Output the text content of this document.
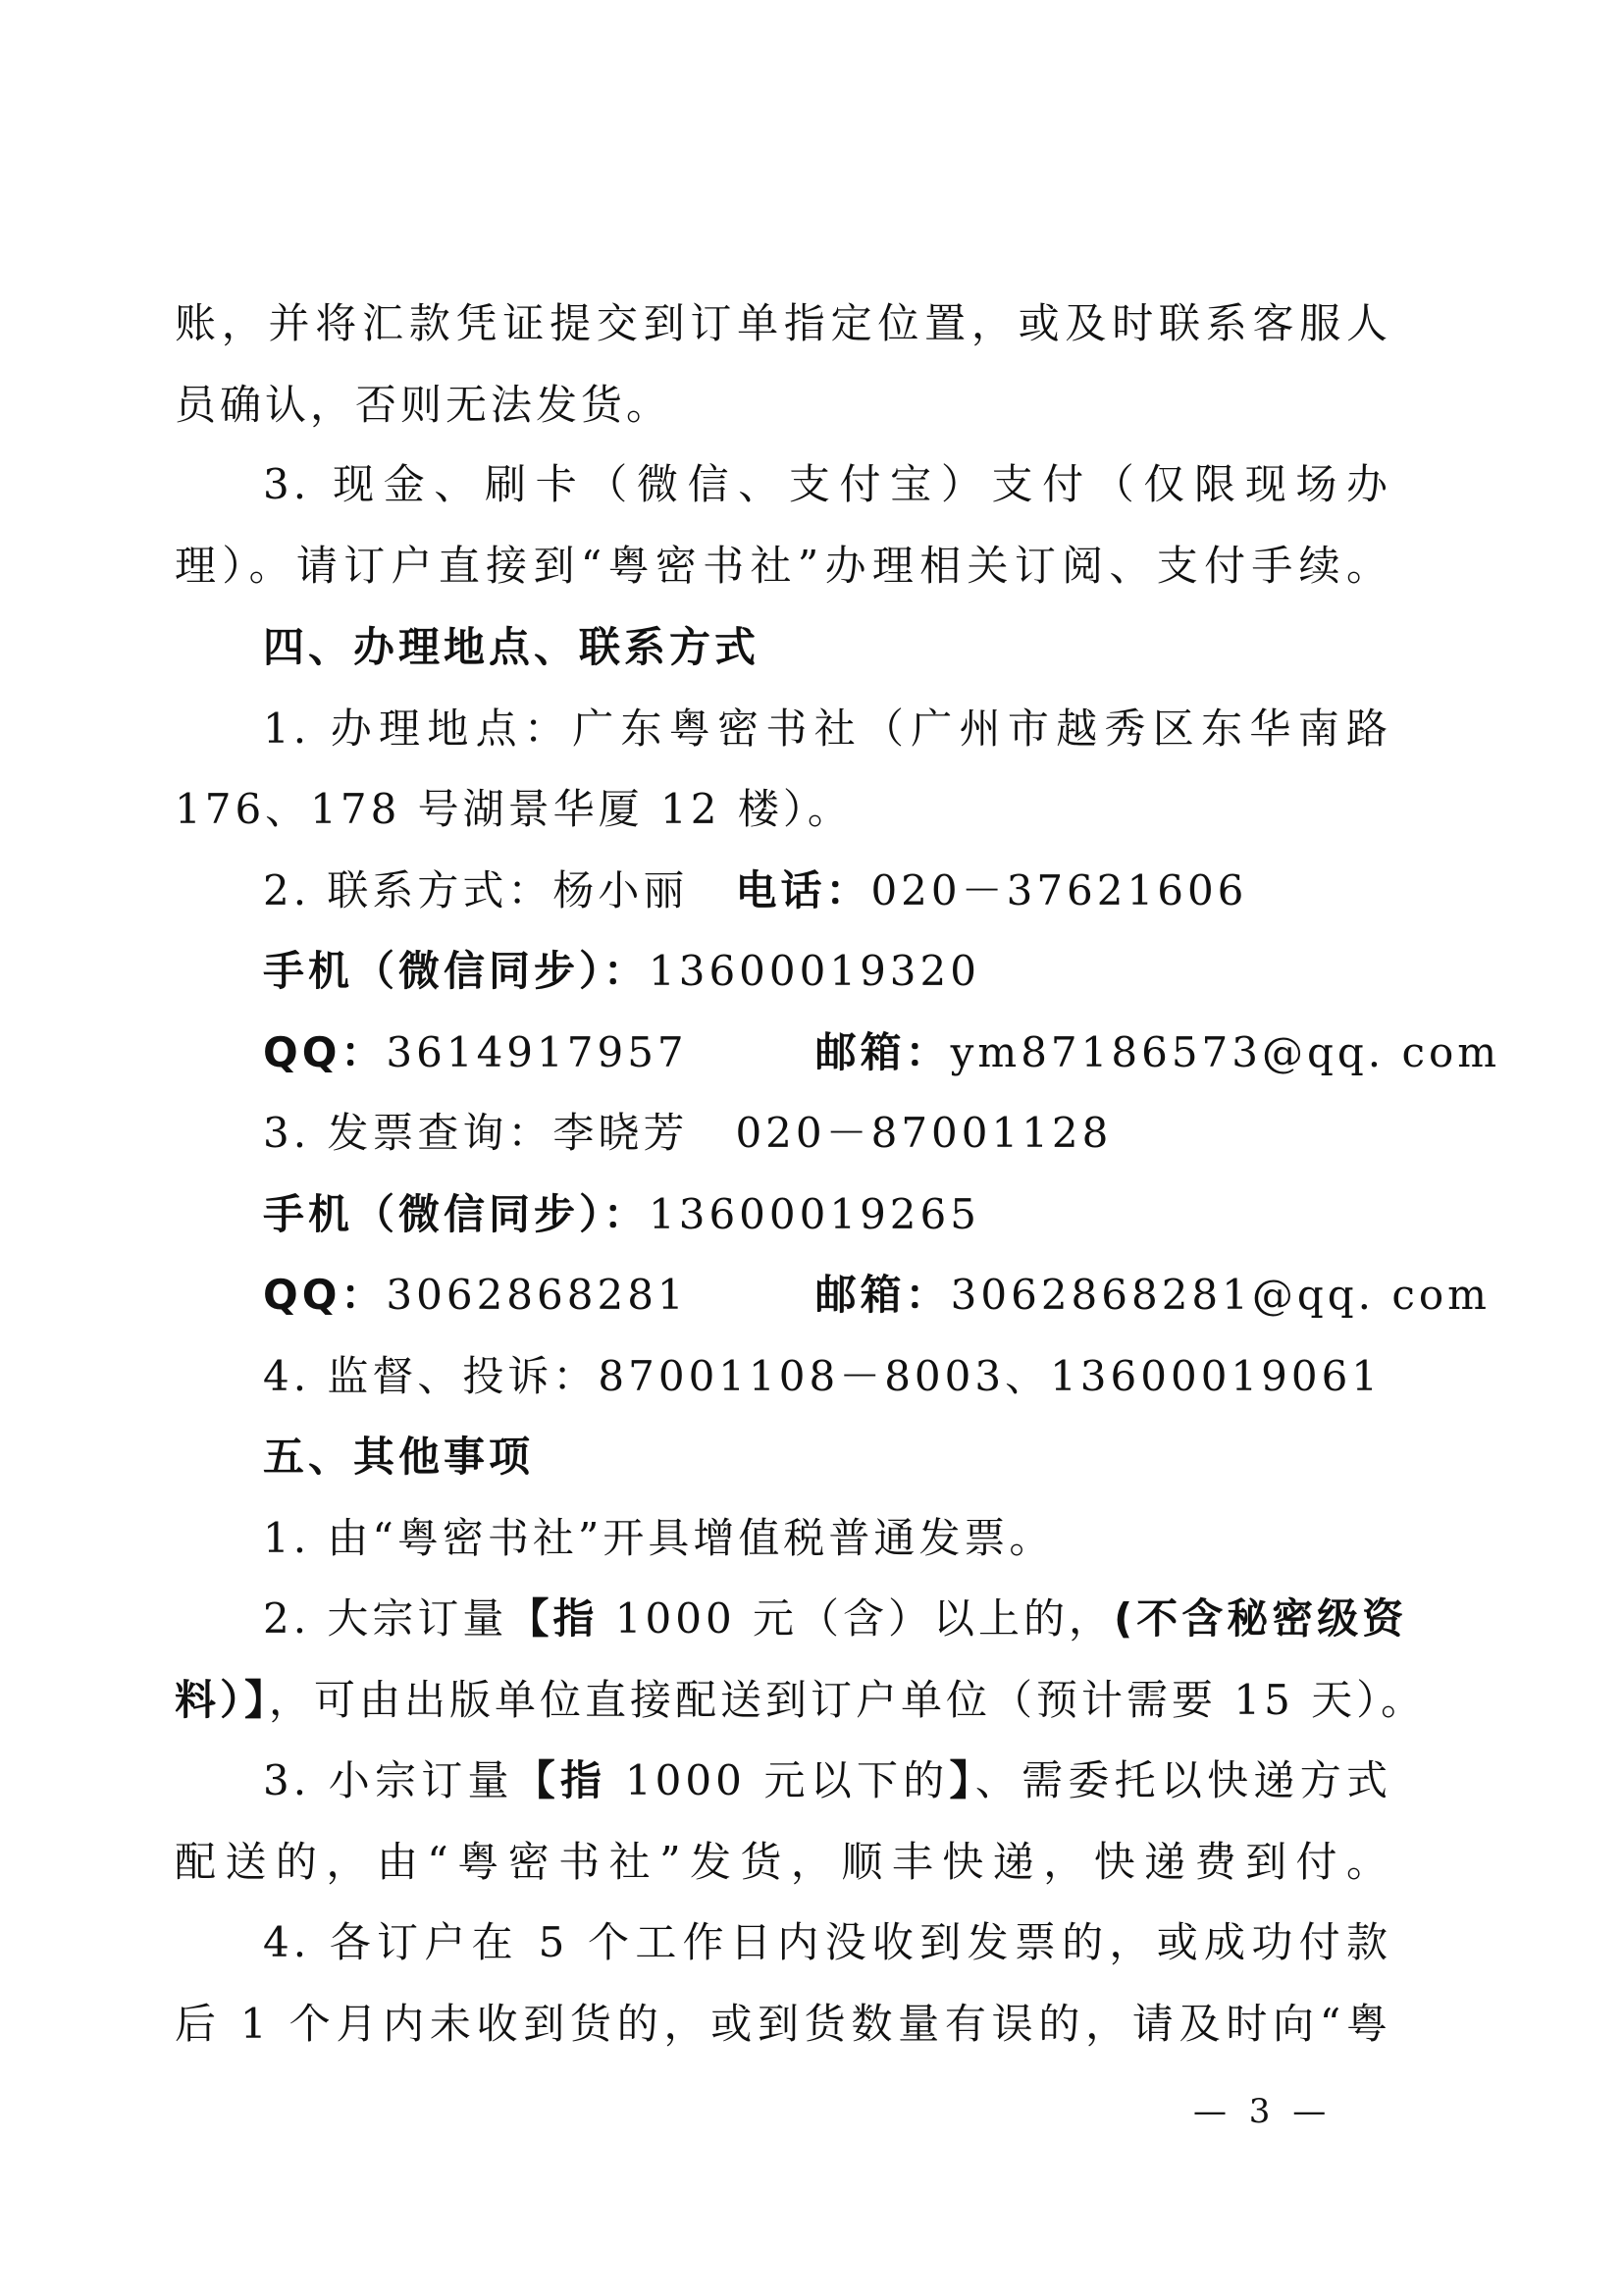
账，并将汇款凭证提交到订单指定位置，或及时联系客服人
员确认，否则无法发货。
3. 现金、刷卡（微信、支付宝）支付（仅限现场办
理）。请订户直接到“粤密书社”办理相关订阅、支付手续。
四、办理地点、联系方式
1. 办理地点：广东粤密书社（广州市越秀区东华南路
176、178 号湖景华厦 12 楼）。
2. 联系方式：杨小丽 电话：020－37621606
手机（微信同步）：13600019320
QQ：3614917957	邮箱：ym87186573@qq. com
3. 发票查询：李晓芳 020－87001128
手机（微信同步）：13600019265
QQ：3062868281	邮箱：3062868281@qq. com
4. 监督、投诉：87001108－8003、13600019061
五、其他事项
1. 由“粤密书社”开具增值税普通发票。
2. 大宗订量【指 1000 元（含）以上的，(不含秘密级资
料）】，可由出版单位直接配送到订户单位（预计需要 15 天）。
3. 小宗订量【指 1000 元以下的】、需委托以快递方式
配送的，由“粤密书社”发货，顺丰快递，快递费到付。
4. 各订户在 5 个工作日内没收到发票的，或成功付款
后 1 个月内未收到货的，或到货数量有误的，请及时向“粤
— 3 —
